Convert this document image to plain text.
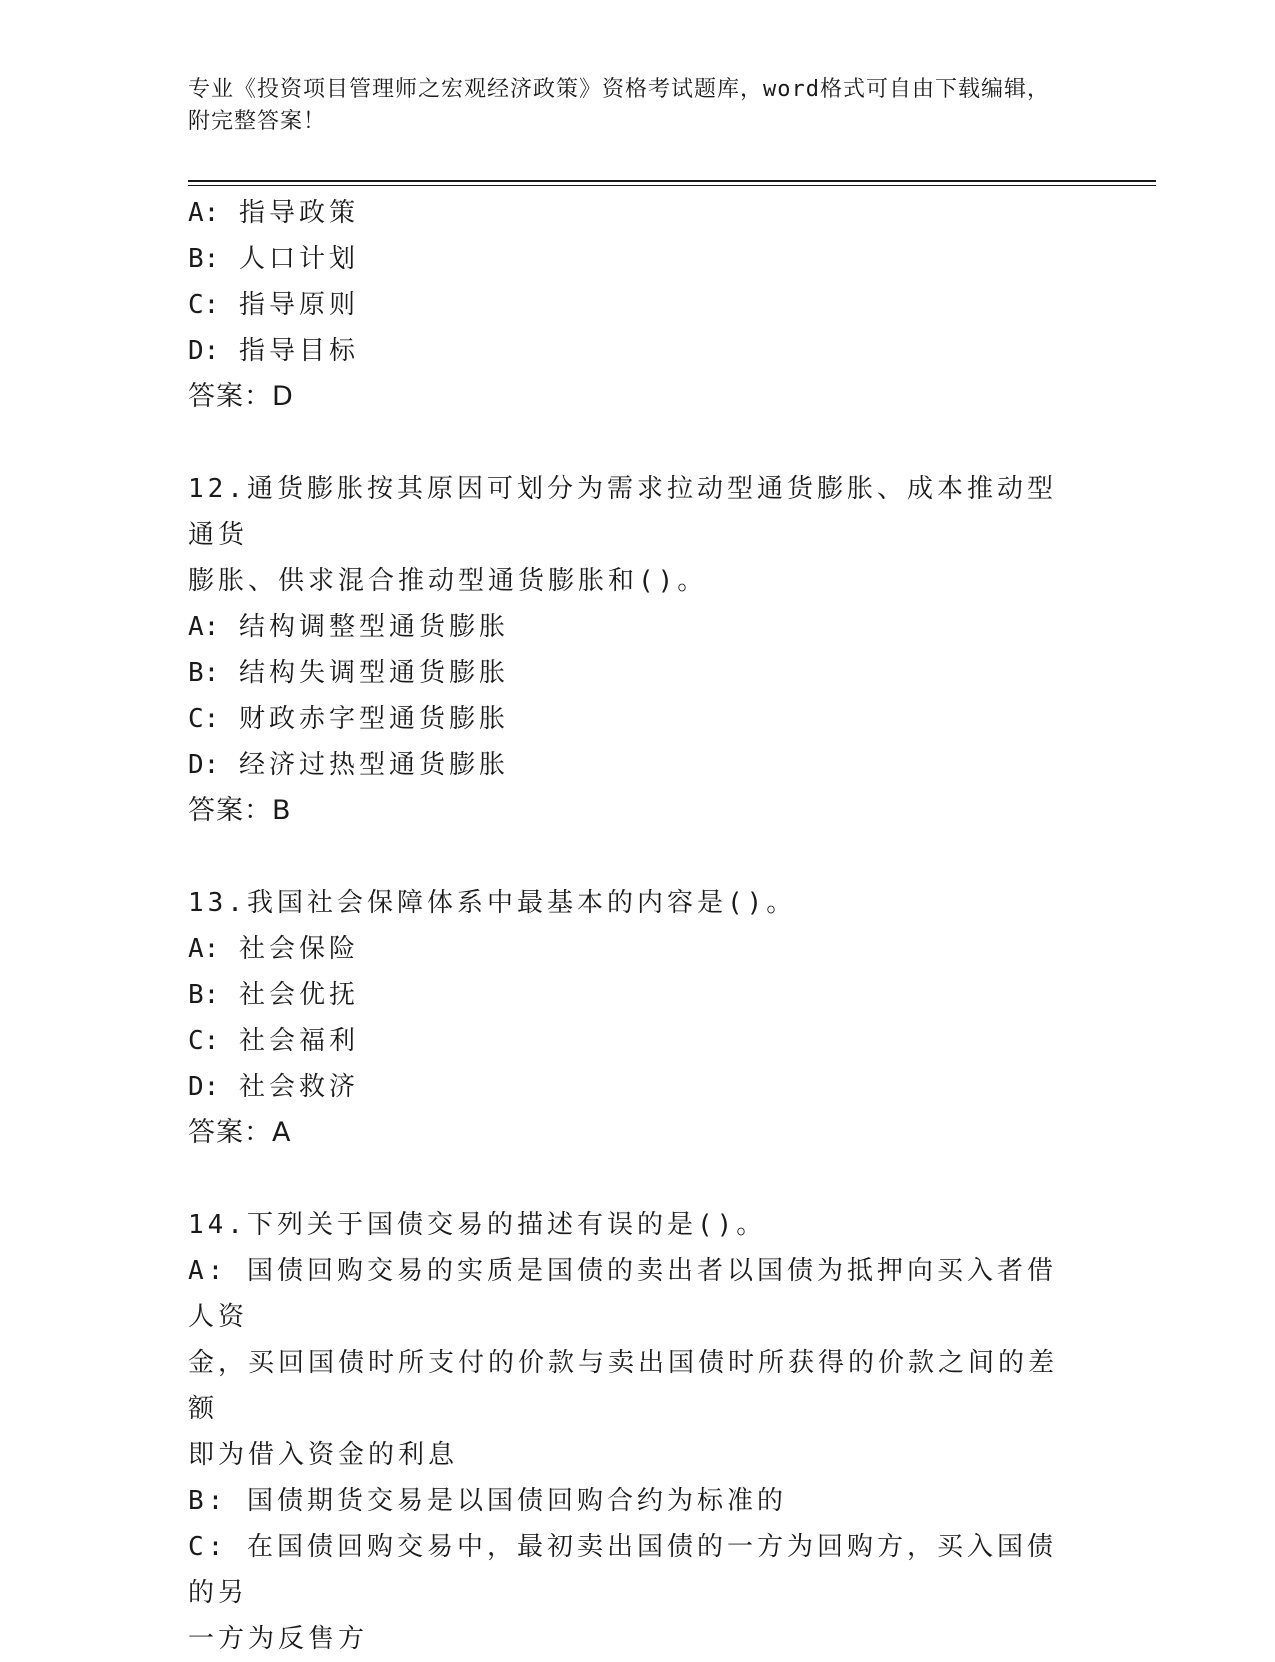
专业《投资项目管理师之宏观经济政策》资格考试题库，word格式可自由下载编辑，附完整答案！
A: 指导政策
B: 人口计划
C: 指导原则
D: 指导目标
答案：D
12.通货膨胀按其原因可划分为需求拉动型通货膨胀、成本推动型通货
膨胀、供求混合推动型通货膨胀和()。
A: 结构调整型通货膨胀
B: 结构失调型通货膨胀
C: 财政赤字型通货膨胀
D: 经济过热型通货膨胀
答案：B
13.我国社会保障体系中最基本的内容是()。
A: 社会保险
B: 社会优抚
C: 社会福利
D: 社会救济
答案：A
14.下列关于国债交易的描述有误的是()。
A: 国债回购交易的实质是国债的卖出者以国债为抵押向买入者借人资
金，买回国债时所支付的价款与卖出国债时所获得的价款之间的差额
即为借入资金的利息
B: 国债期货交易是以国债回购合约为标准的
C: 在国债回购交易中，最初卖出国债的一方为回购方，买入国债的另
一方为反售方
